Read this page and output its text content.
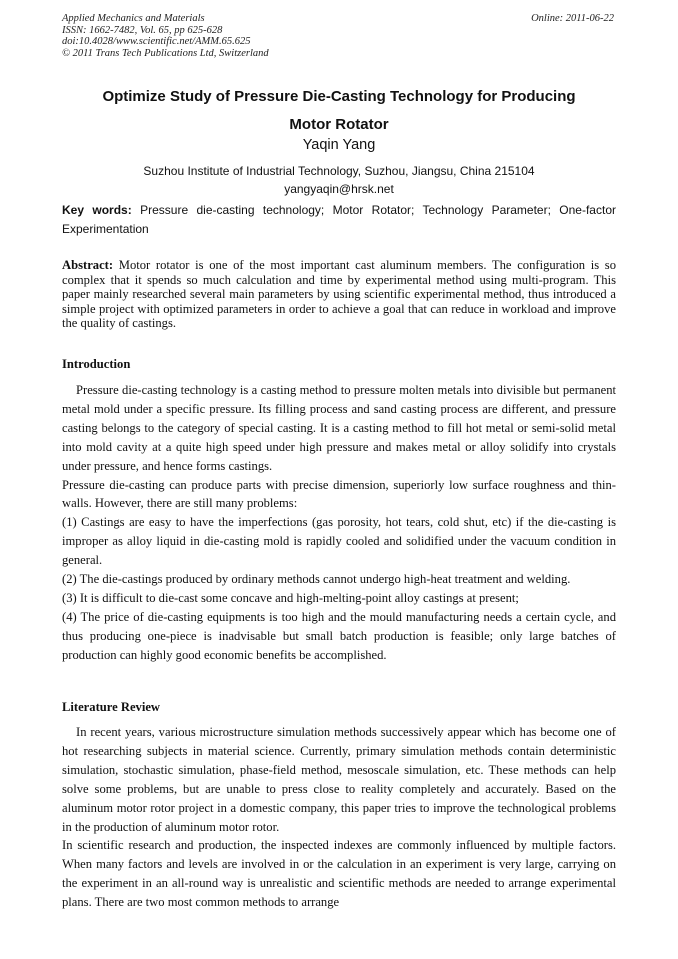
Applied Mechanics and Materials
ISSN: 1662-7482, Vol. 65, pp 625-628
doi:10.4028/www.scientific.net/AMM.65.625
© 2011 Trans Tech Publications Ltd, Switzerland
Online: 2011-06-22
Optimize Study of Pressure Die-Casting Technology for Producing
Motor Rotator
Yaqin Yang
Suzhou Institute of Industrial Technology, Suzhou, Jiangsu, China 215104
yangyaqin@hrsk.net
Key words: Pressure die-casting technology; Motor Rotator; Technology Parameter; One-factor Experimentation
Abstract: Motor rotator is one of the most important cast aluminum members. The configuration is so complex that it spends so much calculation and time by experimental method using multi-program. This paper mainly researched several main parameters by using scientific experimental method, thus introduced a simple project with optimized parameters in order to achieve a goal that can reduce in workload and improve the quality of castings.
Introduction

Pressure die-casting technology is a casting method to pressure molten metals into divisible but permanent metal mold under a specific pressure. Its filling process and sand casting process are different, and pressure casting belongs to the category of special casting. It is a casting method to fill hot metal or semi-solid metal into mold cavity at a quite high speed under high pressure and makes metal or alloy solidify into crystals under pressure, and hence forms castings.

Pressure die-casting can produce parts with precise dimension, superiorly low surface roughness and thin-walls. However, there are still many problems:

(1) Castings are easy to have the imperfections (gas porosity, hot tears, cold shut, etc) if the die-casting is improper as alloy liquid in die-casting mold is rapidly cooled and solidified under the vacuum condition in general.

(2) The die-castings produced by ordinary methods cannot undergo high-heat treatment and welding.

(3) It is difficult to die-cast some concave and high-melting-point alloy castings at present;

(4) The price of die-casting equipments is too high and the mould manufacturing needs a certain cycle, and thus producing one-piece is inadvisable but small batch production is feasible; only large batches of production can highly good economic benefits be accomplished.

Literature Review

In recent years, various microstructure simulation methods successively appear which has become one of hot researching subjects in material science. Currently, primary simulation methods contain deterministic simulation, stochastic simulation, phase-field method, mesoscale simulation, etc. These methods can help solve some problems, but are unable to press close to reality completely and accurately. Based on the aluminum motor rotor project in a domestic company, this paper tries to improve the technological problems in the production of aluminum motor rotor.

In scientific research and production, the inspected indexes are commonly influenced by multiple factors. When many factors and levels are involved in or the calculation in an experiment is very large, carrying on the experiment in an all-round way is unrealistic and scientific methods are needed to arrange experimental plans. There are two most common methods to arrange
